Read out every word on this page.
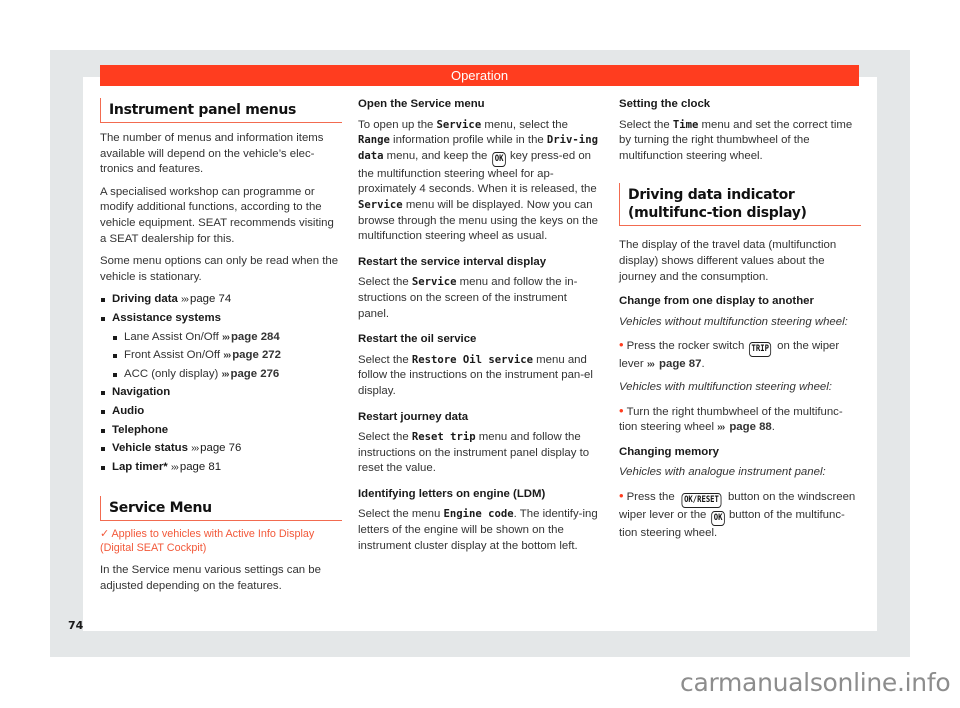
Operation
Instrument panel menus

The number of menus and information items available will depend on the vehicle’s elec-tronics and features.

A specialised workshop can programme or modify additional functions, according to the vehicle equipment. SEAT recommends visiting a SEAT dealership for this.

Some menu options can only be read when the vehicle is stationary.

Driving data ››› page 74
Assistance systems
Lane Assist On/Off ››› page 284
Front Assist On/Off ››› page 272
ACC (only display) ››› page 276
Navigation
Audio
Telephone
Vehicle status ››› page 76
Lap timer* ››› page 81
Service Menu
✓ Applies to vehicles with Active Info Display (Digital SEAT Cockpit)

In the Service menu various settings can be adjusted depending on the features.

Open the Service menu

To open up the Service menu, select the Range information profile while in the Driv-ing data menu, and keep the OK key press-ed on the multifunction steering wheel for ap-proximately 4 seconds. When it is released, the Service menu will be displayed. Now you can browse through the menu using the keys on the multifunction steering wheel as usual.

Restart the service interval display

Select the Service menu and follow the in-structions on the screen of the instrument panel.

Restart the oil service

Select the Restore Oil service menu and follow the instructions on the instrument pan-el display.

Restart journey data

Select the Reset trip menu and follow the instructions on the instrument panel display to reset the value.

Identifying letters on engine (LDM)

Select the menu Engine code. The identify-ing letters of the engine will be shown on the instrument cluster display at the bottom left.

Setting the clock

Select the Time menu and set the correct time by turning the right thumbwheel of the multifunction steering wheel.

Driving data indicator (multifunc-tion display)

The display of the travel data (multifunction display) shows different values about the journey and the consumption.

Change from one display to another

Vehicles without multifunction steering wheel:

• Press the rocker switch TRIP on the wiper lever ››› page 87.

Vehicles with multifunction steering wheel:

• Turn the right thumbwheel of the multifunc-tion steering wheel ››› page 88.

Changing memory

Vehicles with analogue instrument panel:

• Press the OK/RESET button on the windscreen wiper lever or the OK button of the multifunc-tion steering wheel.

74
carmanualsonline.info
